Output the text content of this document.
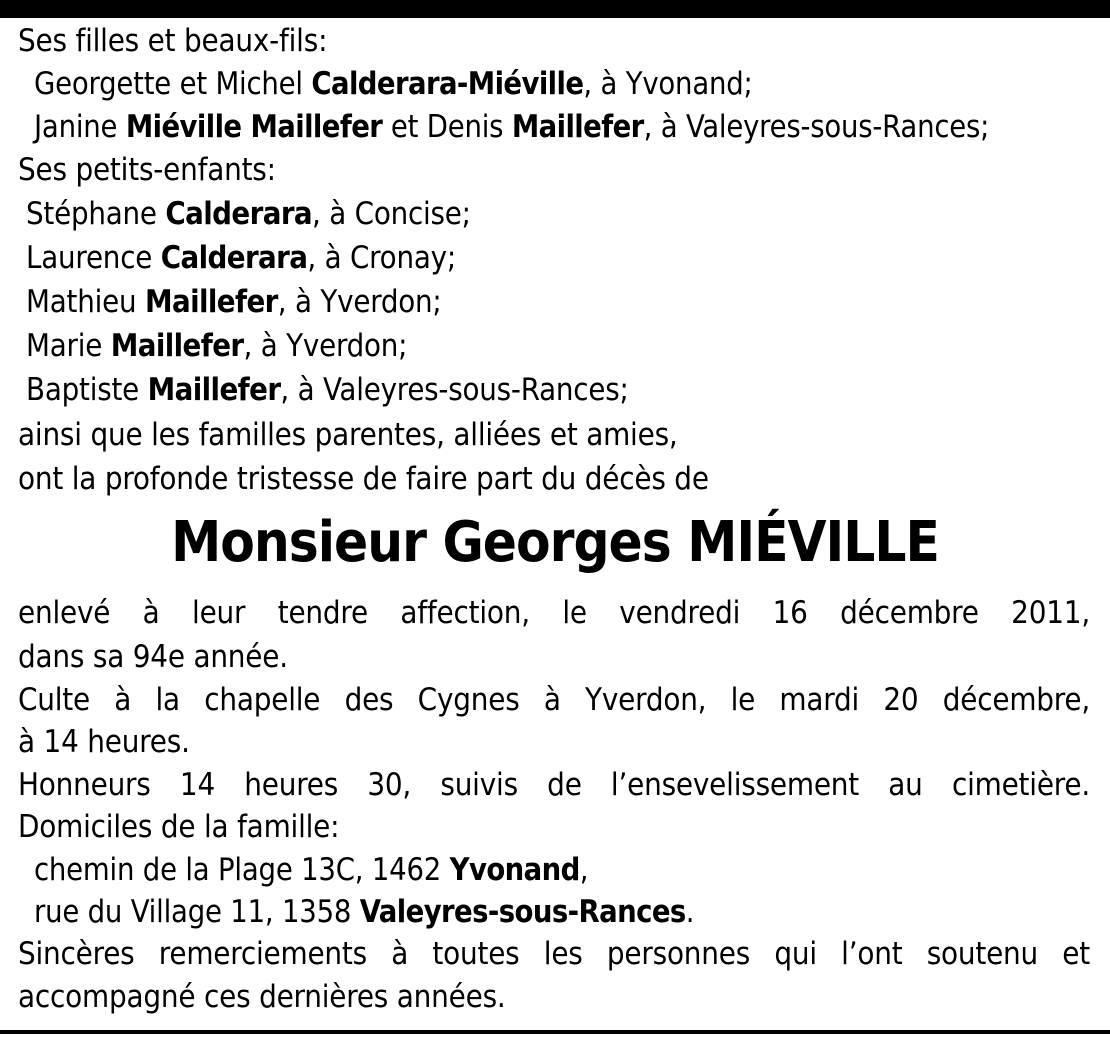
Ses filles et beaux-fils:
Georgette et Michel Calderara-Miéville, à Yvonand;
Janine Miéville Maillefer et Denis Maillefer, à Valeyres-sous-Rances;
Ses petits-enfants:
Stéphane Calderara, à Concise;
Laurence Calderara, à Cronay;
Mathieu Maillefer, à Yverdon;
Marie Maillefer, à Yverdon;
Baptiste Maillefer, à Valeyres-sous-Rances;
ainsi que les familles parentes, alliées et amies,
ont la profonde tristesse de faire part du décès de
Monsieur Georges MIÉVILLE
enlevé à leur tendre affection, le vendredi 16 décembre 2011,
dans sa 94e année.
Culte à la chapelle des Cygnes à Yverdon, le mardi 20 décembre,
à 14 heures.
Honneurs 14 heures 30, suivis de l’ensevelissement au cimetière.
Domiciles de la famille:
chemin de la Plage 13C, 1462 Yvonand,
rue du Village 11, 1358 Valeyres-sous-Rances.
Sincères remerciements à toutes les personnes qui l’ont soutenu et
accompagné ces dernières années.
